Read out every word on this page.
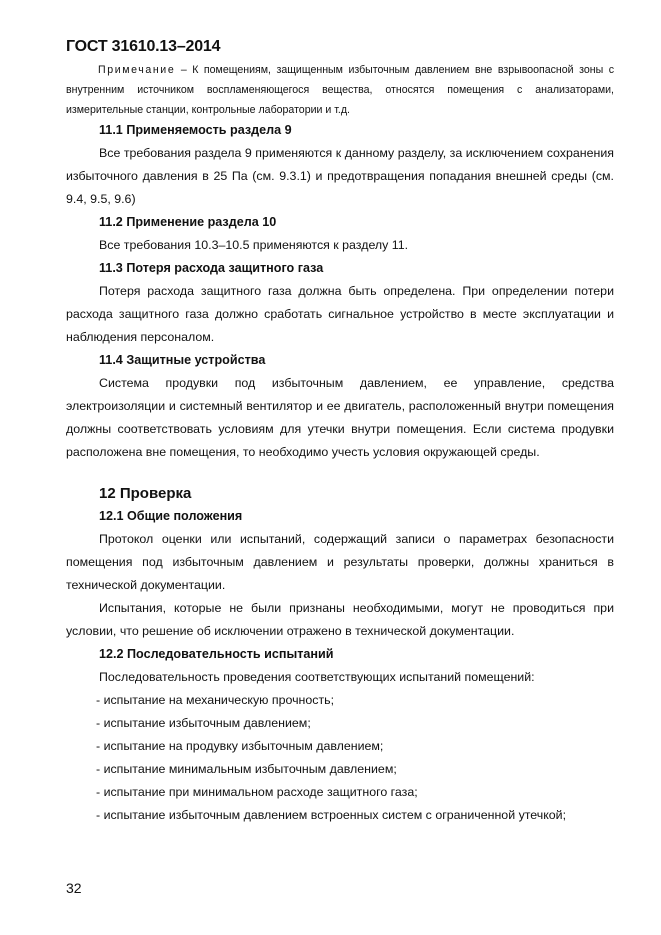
ГОСТ 31610.13–2014
Примечание – К помещениям, защищенным избыточным давлением вне взрывоопасной зоны с внутренним источником воспламеняющегося вещества, относятся помещения с анализаторами, измерительные станции, контрольные лаборатории и т.д.
11.1 Применяемость раздела 9

Все требования раздела 9 применяются к данному разделу, за исключением сохранения избыточного давления в 25 Па (см. 9.3.1) и предотвращения попадания внешней среды (см. 9.4, 9.5, 9.6)

11.2 Применение раздела 10

Все требования 10.3–10.5 применяются к разделу 11.

11.3 Потеря расхода защитного газа

Потеря расхода защитного газа должна быть определена. При определении потери расхода защитного газа должно сработать сигнальное устройство в месте эксплуатации и наблюдения персоналом.

11.4 Защитные устройства

Система продувки под избыточным давлением, ее управление, средства электроизоляции и системный вентилятор и ее двигатель, расположенный внутри помещения должны соответствовать условиям для утечки внутри помещения. Если система продувки расположена вне помещения, то необходимо учесть условия окружающей среды.

12 Проверка
12.1 Общие положения

Протокол оценки или испытаний, содержащий записи о параметрах безопасности помещения под избыточным давлением и результаты проверки, должны храниться в технической документации.

Испытания, которые не были признаны необходимыми, могут не проводиться при условии, что решение об исключении отражено в технической документации.

12.2 Последовательность испытаний

Последовательность проведения соответствующих испытаний помещений:

- испытание на механическую прочность;

- испытание избыточным давлением;

- испытание на продувку избыточным давлением;

- испытание минимальным избыточным давлением;

- испытание при минимальном расходе защитного газа;

- испытание избыточным давлением встроенных систем с ограниченной утечкой;

32
